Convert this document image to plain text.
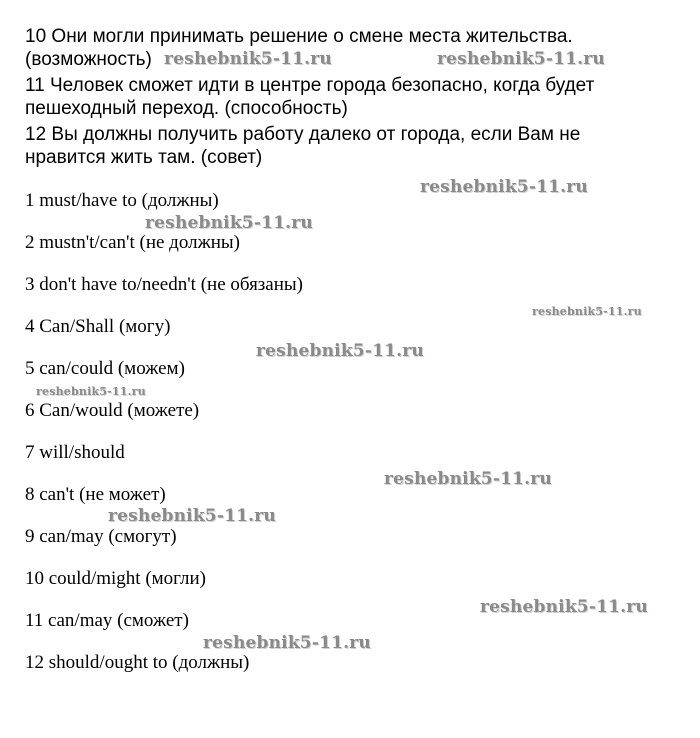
10 Они могли принимать решение о смене места жительства.
(возможность)
11 Человек сможет идти в центре города безопасно, когда будет
пешеходный переход. (способность)
12 Вы должны получить работу далеко от города, если Вам не
нравится жить там. (совет)
1 must/have to (должны)
2 mustn't/can't (не должны)
3 don't have to/needn't (не обязаны)
4 Can/Shall (могу)
5 can/could (можем)
6 Can/would (можете)
7 will/should
8 can't (не может)
9 can/may (смогут)
10 could/might (могли)
11 can/may (сможет)
12 should/ought to (должны)
reshebnik5-11.ru	reshebnik5-11.ru
reshebnik5-11.ru
reshebnik5-11.ru
reshebnik5-11.ru
reshebnik5-11.ru
reshebnik5-11.ru
reshebnik5-11.ru
reshebnik5-11.ru
reshebnik5-11.ru
reshebnik5-11.ru
